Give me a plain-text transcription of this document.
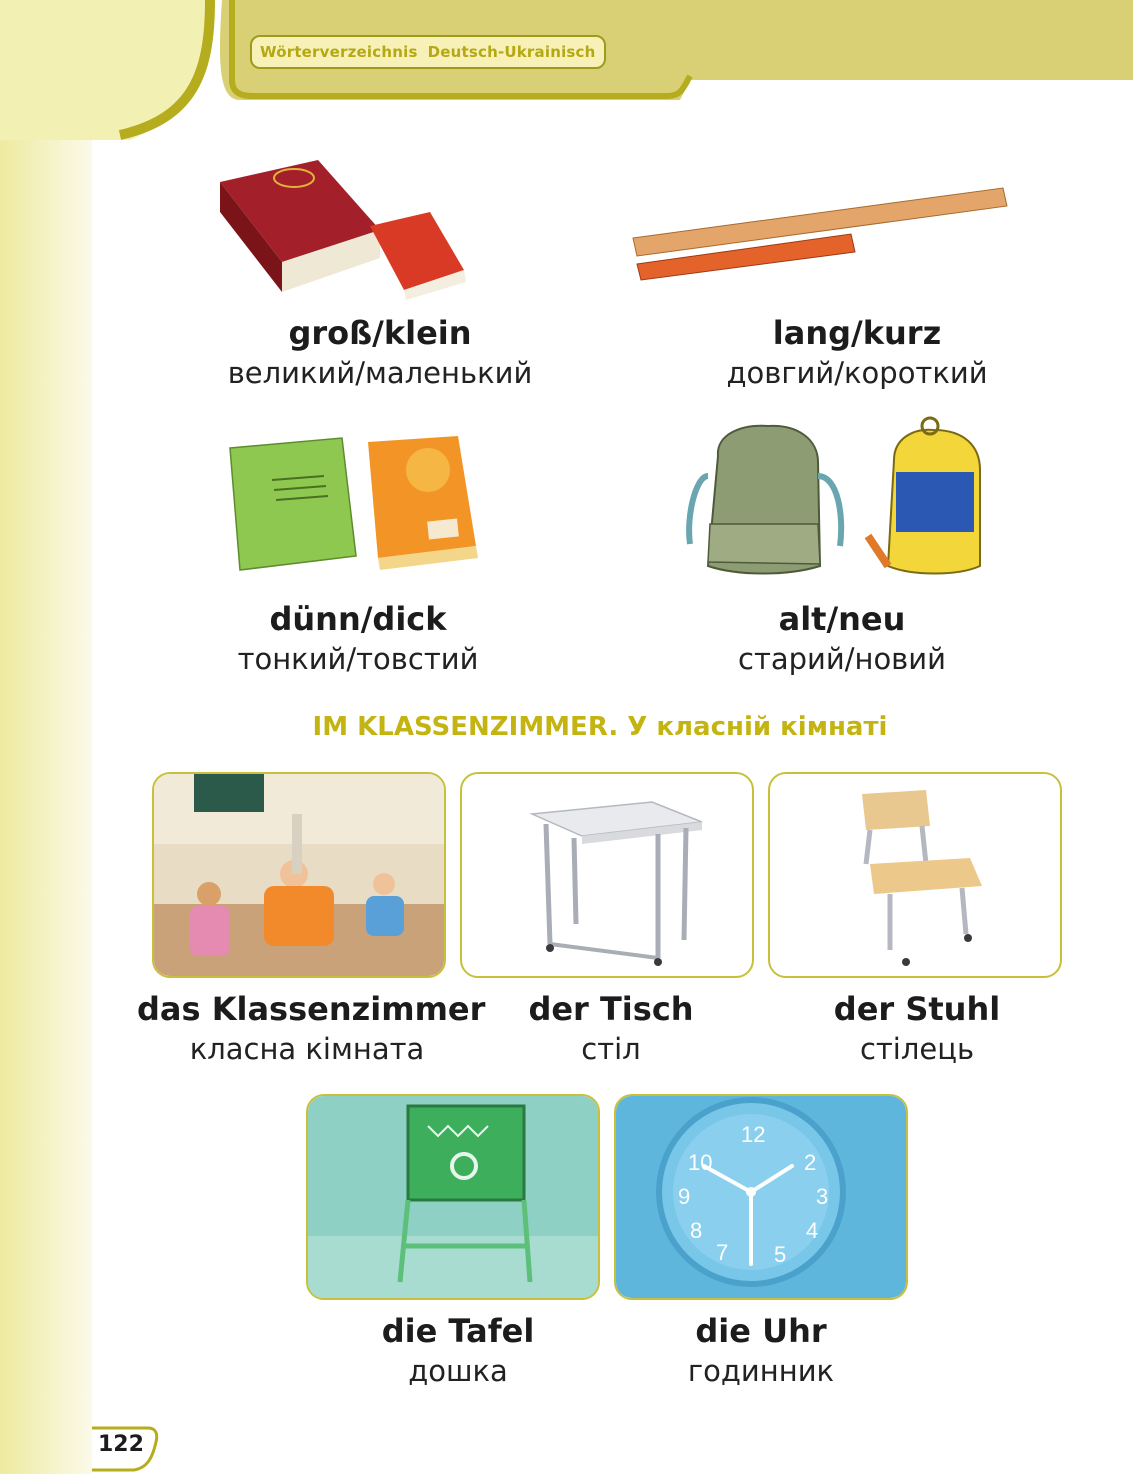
Wörterverzeichnis Deutsch-Ukrainisch
groß/klein
великий/маленький
lang/kurz
довгий/короткий
dünn/dick
тонкий/товстий
alt/neu
старий/новий
IM KLASSENZIMMER. У класній кімнаті
das Klassenzimmer
класна кімната
der Tisch
стіл
der Stuhl
стілець
die Tafel
дошка
12
2
3
4
5
10
9
8
7
die Uhr
годинник
122
